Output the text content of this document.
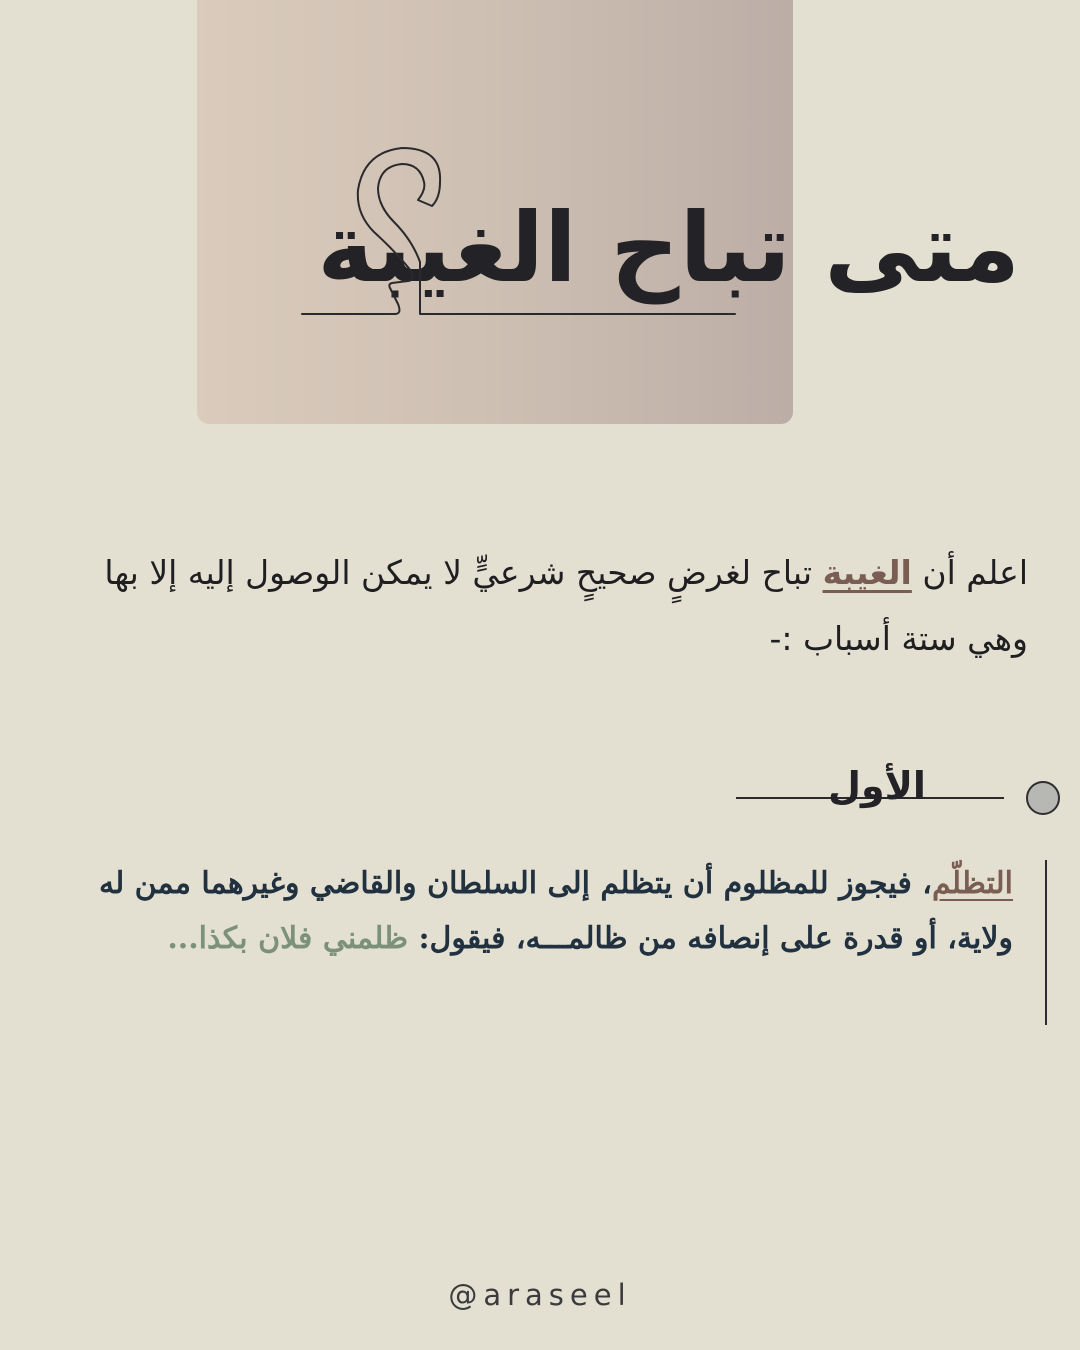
متى تباح الغيبة

اعلم أن الغيبة تباح لغرضٍ صحيحٍ شرعيٍّ لا يمكن الوصول إليه إلا بها وهي ستة أسباب :-

الأول

التظلّم، فيجوز للمظلوم أن يتظلم إلى السلطان والقاضي وغيرهما ممن له ولاية، أو قدرة على إنصافه من ظالمـــه، فيقول: ظلمني فلان بكذا...

@araseel
